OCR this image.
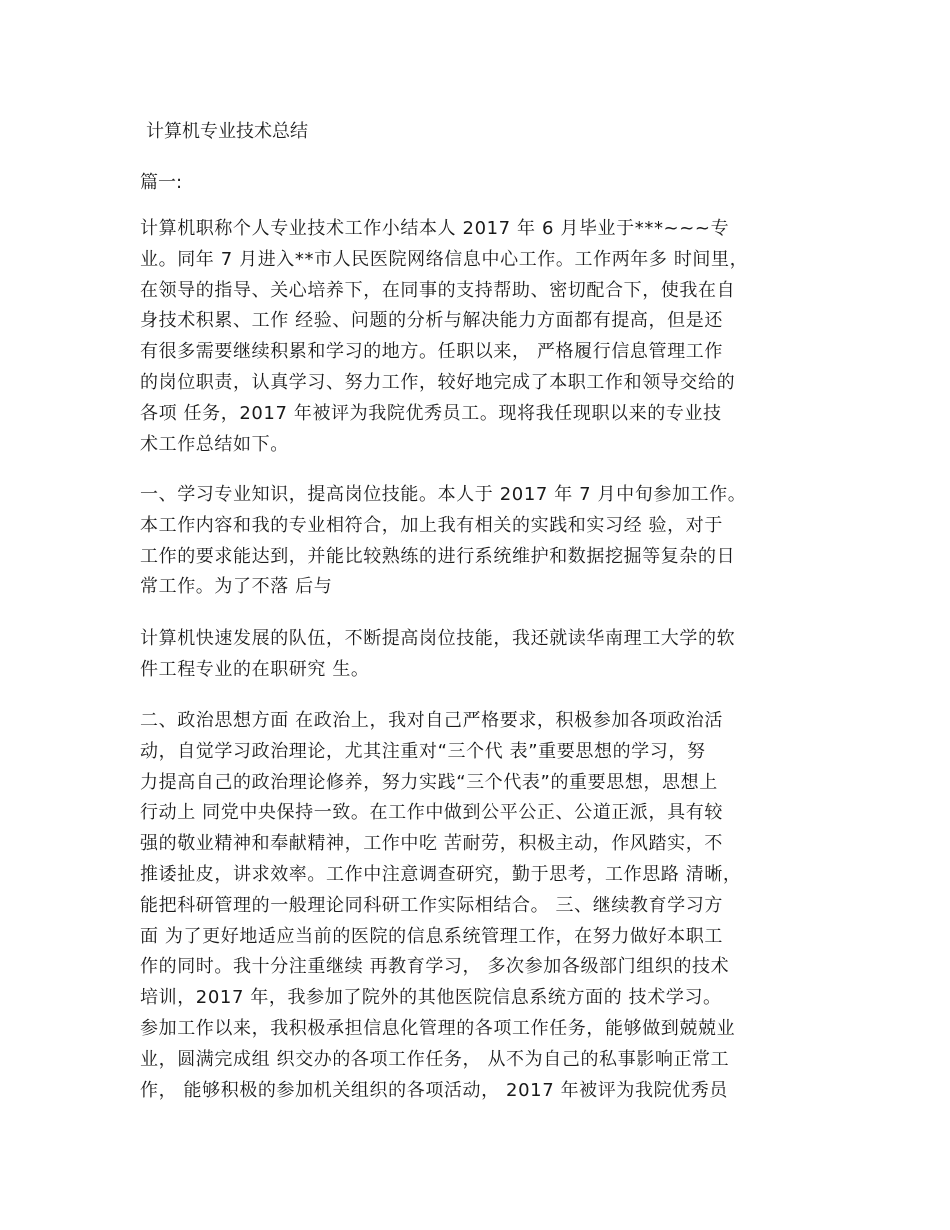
计算机专业技术总结

篇一:

计算机职称个人专业技术工作小结本人 2017 年 6 月毕业于***~~~专
业。同年 7 月进入**市人民医院网络信息中心工作。工作两年多 时间里，
在领导的指导、关心培养下，在同事的支持帮助、密切配合下，使我在自
身技术积累、工作 经验、问题的分析与解决能力方面都有提高，但是还
有很多需要继续积累和学习的地方。任职以来， 严格履行信息管理工作
的岗位职责，认真学习、努力工作，较好地完成了本职工作和领导交给的
各项 任务，2017 年被评为我院优秀员工。现将我任现职以来的专业技
术工作总结如下。

一、学习专业知识，提高岗位技能。本人于 2017 年 7 月中旬参加工作。
本工作内容和我的专业相符合，加上我有相关的实践和实习经 验，对于
工作的要求能达到，并能比较熟练的进行系统维护和数据挖掘等复杂的日
常工作。为了不落 后与

计算机快速发展的队伍，不断提高岗位技能，我还就读华南理工大学的软
件工程专业的在职研究 生。

二、政治思想方面 在政治上，我对自己严格要求，积极参加各项政治活
动，自觉学习政治理论，尤其注重对“三个代 表”重要思想的学习，努
力提高自己的政治理论修养，努力实践“三个代表”的重要思想，思想上
行动上 同党中央保持一致。在工作中做到公平公正、公道正派，具有较
强的敬业精神和奉献精神，工作中吃 苦耐劳，积极主动，作风踏实，不
推诿扯皮，讲求效率。工作中注意调查研究，勤于思考，工作思路 清晰，
能把科研管理的一般理论同科研工作实际相结合。 三、继续教育学习方
面 为了更好地适应当前的医院的信息系统管理工作，在努力做好本职工
作的同时。我十分注重继续 再教育学习， 多次参加各级部门组织的技术
培训，2017 年，我参加了院外的其他医院信息系统方面的 技术学习。
参加工作以来，我积极承担信息化管理的各项工作任务，能够做到兢兢业
业，圆满完成组 织交办的各项工作任务， 从不为自己的私事影响正常工
作， 能够积极的参加机关组织的各项活动， 2017 年被评为我院优秀员
